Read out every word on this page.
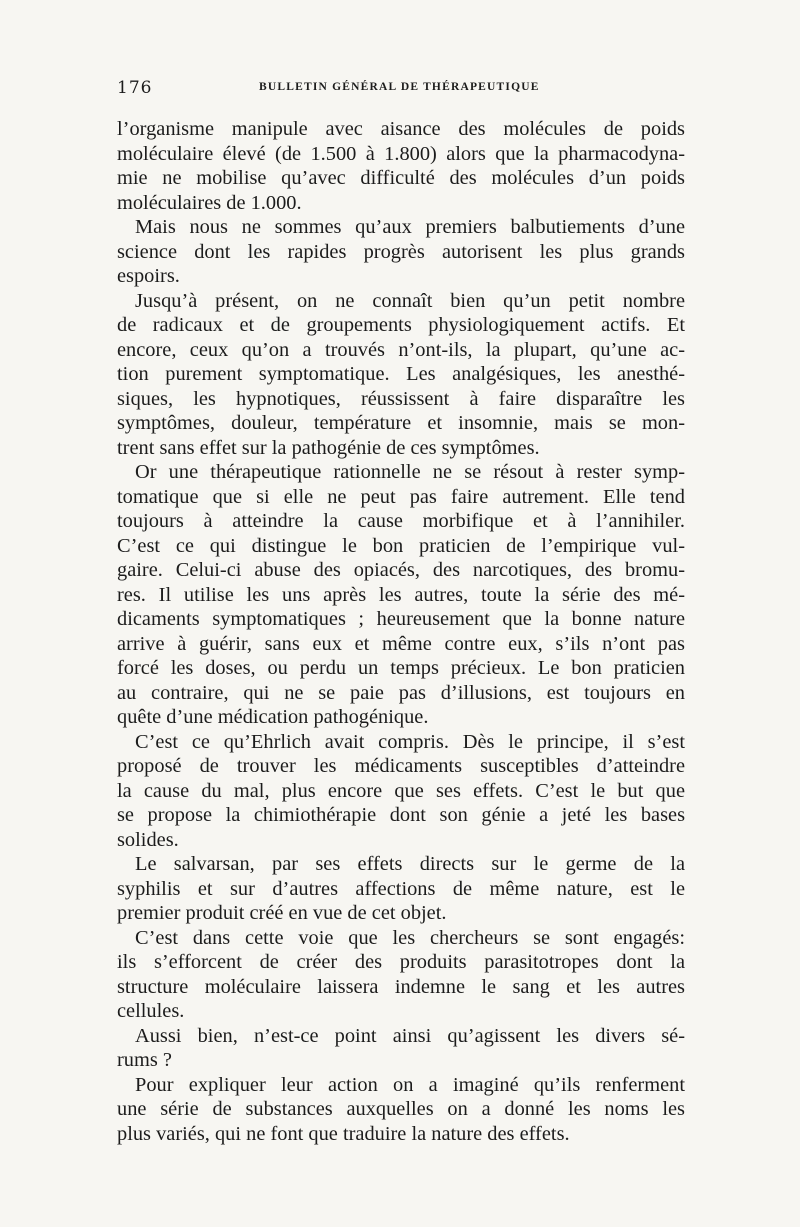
176	BULLETIN GÉNÉRAL DE THÉRAPEUTIQUE
l’organisme manipule avec aisance des molécules de poids
moléculaire élevé (de 1.500 à 1.800) alors que la pharmacodyna-
mie ne mobilise qu’avec difficulté des molécules d’un poids
moléculaires de 1.000.
Mais nous ne sommes qu’aux premiers balbutiements d’une
science dont les rapides progrès autorisent les plus grands
espoirs.
Jusqu’à présent, on ne connaît bien qu’un petit nombre
de radicaux et de groupements physiologiquement actifs. Et
encore, ceux qu’on a trouvés n’ont-ils, la plupart, qu’une ac-
tion purement symptomatique. Les analgésiques, les anesthé-
siques, les hypnotiques, réussissent à faire disparaître les
symptômes, douleur, température et insomnie, mais se mon-
trent sans effet sur la pathogénie de ces symptômes.
Or une thérapeutique rationnelle ne se résout à rester symp-
tomatique que si elle ne peut pas faire autrement. Elle tend
toujours à atteindre la cause morbifique et à l’annihiler.
C’est ce qui distingue le bon praticien de l’empirique vul-
gaire. Celui-ci abuse des opiacés, des narcotiques, des bromu-
res. Il utilise les uns après les autres, toute la série des mé-
dicaments symptomatiques ; heureusement que la bonne nature
arrive à guérir, sans eux et même contre eux, s’ils n’ont pas
forcé les doses, ou perdu un temps précieux. Le bon praticien
au contraire, qui ne se paie pas d’illusions, est toujours en
quête d’une médication pathogénique.
C’est ce qu’Ehrlich avait compris. Dès le principe, il s’est
proposé de trouver les médicaments susceptibles d’atteindre
la cause du mal, plus encore que ses effets. C’est le but que
se propose la chimiothérapie dont son génie a jeté les bases
solides.
Le salvarsan, par ses effets directs sur le germe de la
syphilis et sur d’autres affections de même nature, est le
premier produit créé en vue de cet objet.
C’est dans cette voie que les chercheurs se sont engagés:
ils s’efforcent de créer des produits parasitotropes dont la
structure moléculaire laissera indemne le sang et les autres
cellules.
Aussi bien, n’est-ce point ainsi qu’agissent les divers sé-
rums ?
Pour expliquer leur action on a imaginé qu’ils renferment
une série de substances auxquelles on a donné les noms les
plus variés, qui ne font que traduire la nature des effets.
